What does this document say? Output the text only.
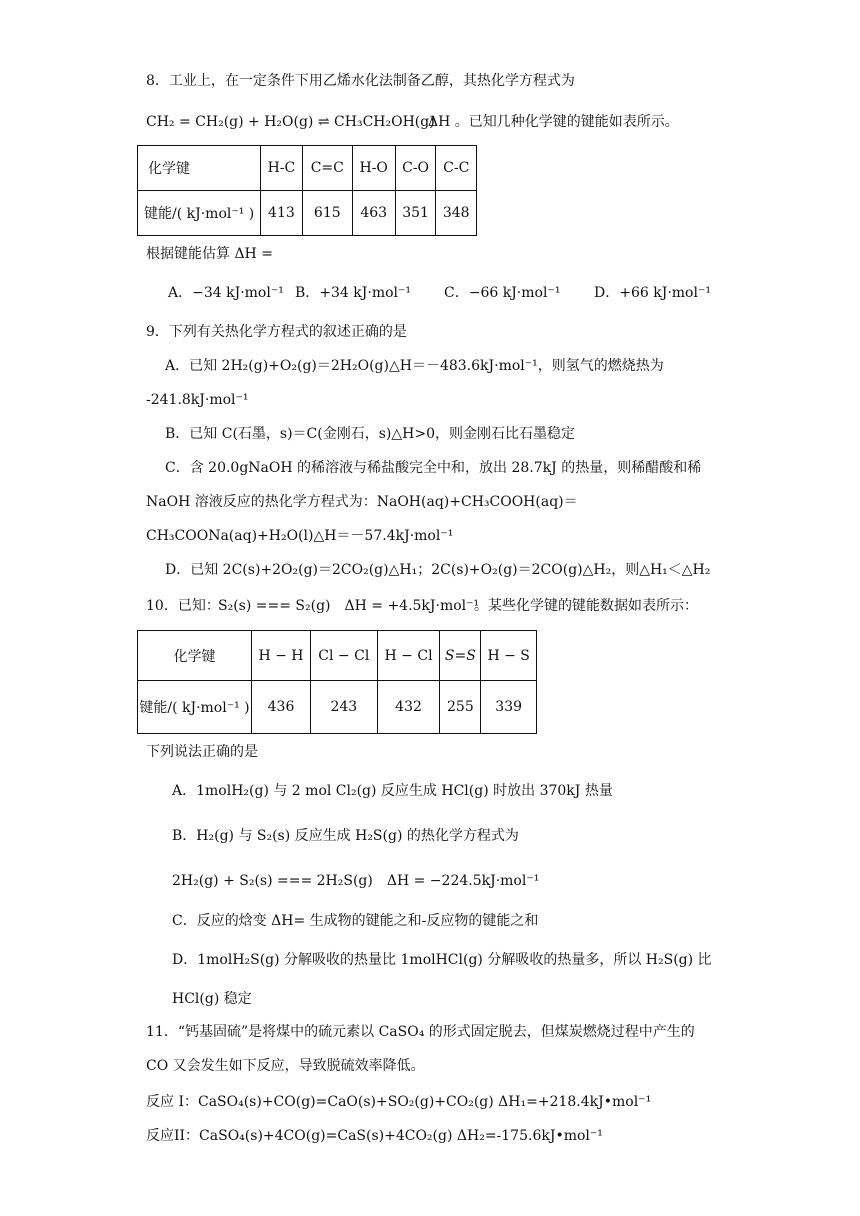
8．工业上，在一定条件下用乙烯水化法制备乙醇，其热化学方程式为
CH₂ = CH₂(g) + H₂O(g) ⇌ CH₃CH₂OH(g)
ΔH 。已知几种化学键的键能如表所示。
化学键	H-C	C=C	H-O	C-O	C-C
键能/( kJ·mol⁻¹ )	413	615	463	351	348
根据键能估算 ΔH =
A．−34 kJ·mol⁻¹ B．+34 kJ·mol⁻¹ C．−66 kJ·mol⁻¹ D．+66 kJ·mol⁻¹
9．下列有关热化学方程式的叙述正确的是
A．已知 2H₂(g)+O₂(g)＝2H₂O(g)△H＝－483.6kJ·mol⁻¹，则氢气的燃烧热为
-241.8kJ·mol⁻¹
B．已知 C(石墨，s)＝C(金刚石，s)△H>0，则金刚石比石墨稳定
C．含 20.0gNaOH 的稀溶液与稀盐酸完全中和，放出 28.7kJ 的热量，则稀醋酸和稀
NaOH 溶液反应的热化学方程式为：NaOH(aq)+CH₃COOH(aq)＝
CH₃COONa(aq)+H₂O(l)△H＝－57.4kJ·mol⁻¹
D．已知 2C(s)+2O₂(g)＝2CO₂(g)△H₁；2C(s)+O₂(g)＝2CO(g)△H₂，则△H₁＜△H₂
10．已知：
S₂(s) === S₂(g)　ΔH = +4.5kJ·mol⁻¹
。某些化学键的键能数据如表所示：
化学键	H − H	Cl − Cl	H − Cl	S=S	H − S
键能/( kJ·mol⁻¹ )	436	243	432	255	339
下列说法正确的是
A．1molH₂(g) 与 2 mol Cl₂(g) 反应生成 HCl(g) 时放出 370kJ 热量
B．H₂(g) 与 S₂(s) 反应生成 H₂S(g) 的热化学方程式为
2H₂(g) + S₂(s) === 2H₂S(g)　ΔH = −224.5kJ·mol⁻¹
C．反应的焓变 ΔH= 生成物的键能之和-反应物的键能之和
D．1molH₂S(g) 分解吸收的热量比 1molHCl(g) 分解吸收的热量多，所以 H₂S(g) 比
HCl(g) 稳定
11．“钙基固硫”是将煤中的硫元素以 CaSO₄ 的形式固定脱去，但煤炭燃烧过程中产生的
CO 又会发生如下反应，导致脱硫效率降低。
反应 I：CaSO₄(s)+CO(g)=CaO(s)+SO₂(g)+CO₂(g) ΔH₁=+218.4kJ•mol⁻¹
反应II：CaSO₄(s)+4CO(g)=CaS(s)+4CO₂(g) ΔH₂=-175.6kJ•mol⁻¹
